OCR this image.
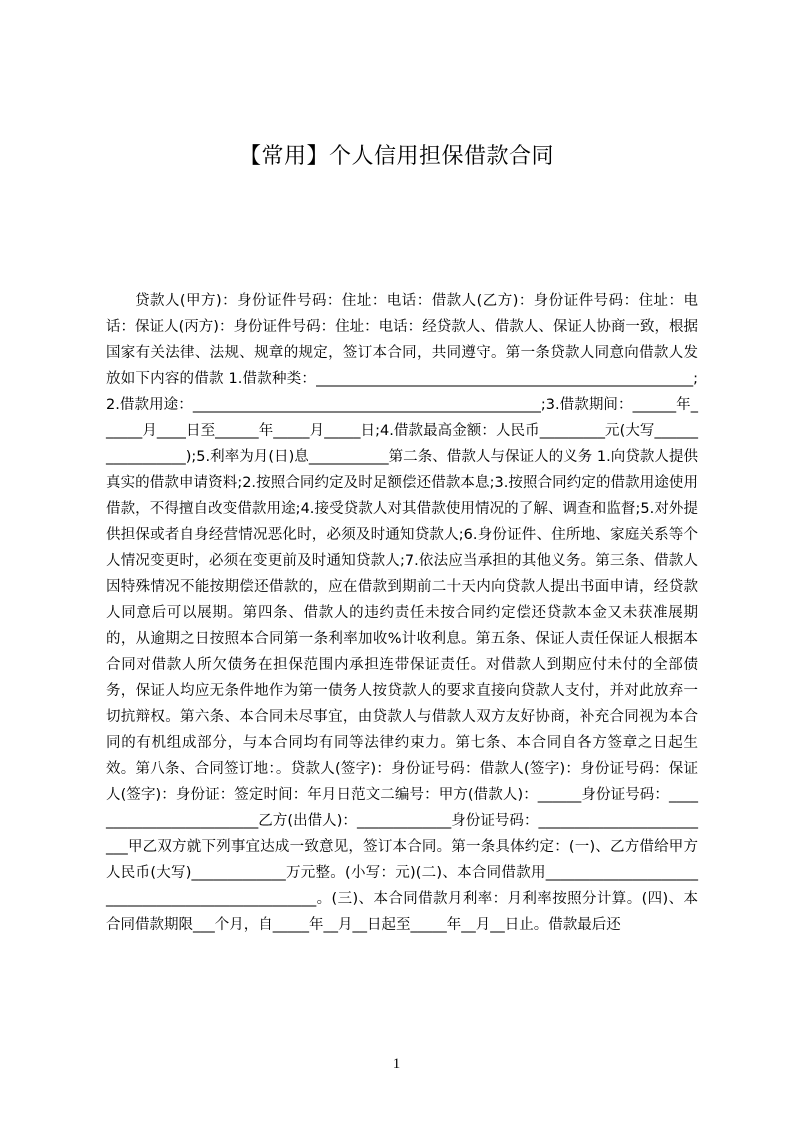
【常用】个人信用担保借款合同

贷款人(甲方)：身份证件号码：住址：电话：借款人(乙方)：身份证件号码：住址：电话：保证人(丙方)：身份证件号码：住址：电话：经贷款人、借款人、保证人协商一致，根据国家有关法律、法规、规章的规定，签订本合同，共同遵守。第一条贷款人同意向借款人发放如下内容的借款 1.借款种类：____________________________________________________;2.借款用途：________________________________________________;3.借款期间：______年______月____日至______年_____月_____日;4.借款最高金额：人民币_________元(大写_________________);5.利率为月(日)息___________第二条、借款人与保证人的义务 1.向贷款人提供真实的借款申请资料;2.按照合同约定及时足额偿还借款本息;3.按照合同约定的借款用途使用借款，不得擅自改变借款用途;4.接受贷款人对其借款使用情况的了解、调查和监督;5.对外提供担保或者自身经营情况恶化时，必须及时通知贷款人;6.身份证件、住所地、家庭关系等个人情况变更时，必须在变更前及时通知贷款人;7.依法应当承担的其他义务。第三条、借款人因特殊情况不能按期偿还借款的，应在借款到期前二十天内向贷款人提出书面申请，经贷款人同意后可以展期。第四条、借款人的违约责任未按合同约定偿还贷款本金又未获准展期的，从逾期之日按照本合同第一条利率加收%计收利息。第五条、保证人责任保证人根据本合同对借款人所欠债务在担保范围内承担连带保证责任。对借款人到期应付未付的全部债务，保证人均应无条件地作为第一债务人按贷款人的要求直接向贷款人支付，并对此放弃一切抗辩权。第六条、本合同未尽事宜，由贷款人与借款人双方友好协商，补充合同视为本合同的有机组成部分，与本合同均有同等法律约束力。第七条、本合同自各方签章之日起生效。第八条、合同签订地：。贷款人(签字)：身份证号码：借款人(签字)：身份证号码：保证人(签字)：身份证：签定时间：年月日范文二编号：甲方(借款人)：______身份证号码：_________________________乙方(出借人)：_____________身份证号码：_________________________甲乙双方就下列事宜达成一致意见，签订本合同。第一条具体约定：(一)、乙方借给甲方人民币(大写)_____________万元整。(小写：元)(二)、本合同借款用__________________________________________________。(三)、本合同借款月利率：月利率按照分计算。(四)、本合同借款期限___个月，自_____年__月__日起至_____年__月__日止。借款最后还

1
